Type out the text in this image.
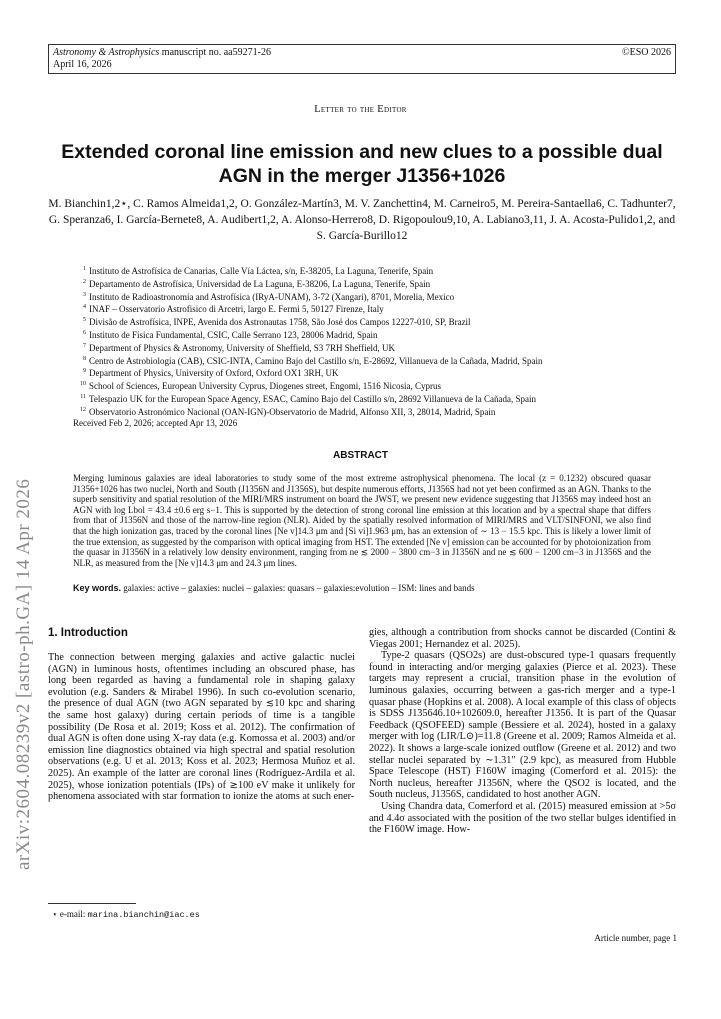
Astronomy & Astrophysics manuscript no. aa59271-26
April 16, 2026
©ESO 2026
Letter to the Editor
Extended coronal line emission and new clues to a possible dual AGN in the merger J1356+1026
M. Bianchin1,2⋆, C. Ramos Almeida1,2, O. González-Martín3, M. V. Zanchettin4, M. Carneiro5, M. Pereira-Santaella6, C. Tadhunter7, G. Speranza6, I. García-Bernete8, A. Audibert1,2, A. Alonso-Herrero8, D. Rigopoulou9,10, A. Labiano3,11, J. A. Acosta-Pulido1,2, and S. García-Burillo12
$^1$ Instituto de Astrofísica de Canarias, Calle Vía Láctea, s/n, E-38205, La Laguna, Tenerife, Spain
$^2$ Departamento de Astrofísica, Universidad de La Laguna, E-38206, La Laguna, Tenerife, Spain
$^3$ Instituto de Radioastronomía and Astrofísica (IRyA-UNAM), 3-72 (Xangari), 8701, Morelia, Mexico
$^4$ INAF – Osservatorio Astrofisico di Arcetri, largo E. Fermi 5, 50127 Firenze, Italy
$^5$ Divisão de Astrofísica, INPE, Avenida dos Astronautas 1758, São José dos Campos 12227-010, SP, Brazil
$^6$ Instituto de Física Fundamental, CSIC, Calle Serrano 123, 28006 Madrid, Spain
$^7$ Department of Physics & Astronomy, University of Sheffield, S3 7RH Sheffield, UK
$^8$ Centro de Astrobiología (CAB), CSIC-INTA, Camino Bajo del Castillo s/n, E-28692, Villanueva de la Cañada, Madrid, Spain
$^9$ Department of Physics, University of Oxford, Oxford OX1 3RH, UK
$^{10}$ School of Sciences, European University Cyprus, Diogenes street, Engomi, 1516 Nicosia, Cyprus
$^{11}$ Telespazio UK for the European Space Agency, ESAC, Camino Bajo del Castillo s/n, 28692 Villanueva de la Cañada, Spain
$^{12}$ Observatorio Astronómico Nacional (OAN-IGN)-Observatorio de Madrid, Alfonso XII, 3, 28014, Madrid, Spain
Received Feb 2, 2026; accepted Apr 13, 2026
ABSTRACT
Merging luminous galaxies are ideal laboratories to study some of the most extreme astrophysical phenomena. The local (z = 0.1232) obscured quasar J1356+1026 has two nuclei, North and South (J1356N and J1356S), but despite numerous efforts, J1356S had not yet been confirmed as an AGN. Thanks to the superb sensitivity and spatial resolution of the MIRI/MRS instrument on board the JWST, we present new evidence suggesting that J1356S may indeed host an AGN with log Lbol = 43.4 ±0.6 erg s−1. This is supported by the detection of strong coronal line emission at this location and by a spectral shape that differs from that of J1356N and those of the narrow-line region (NLR). Aided by the spatially resolved information of MIRI/MRS and VLT/SINFONI, we also find that the high ionization gas, traced by the coronal lines [Ne v]14.3 μm and [Si vi]1.963 μm, has an extension of ∼ 13 − 15.5 kpc. This is likely a lower limit of the true extension, as suggested by the comparison with optical imaging from HST. The extended [Ne v] emission can be accounted for by photoionization from the quasar in J1356N in a relatively low density environment, ranging from ne ≲ 2000 − 3800 cm−3 in J1356N and ne ≲ 600 − 1200 cm−3 in J1356S and the NLR, as measured from the [Ne v]14.3 μm and 24.3 μm lines.
Key words. galaxies: active – galaxies: nuclei – galaxies: quasars – galaxies:evolution – ISM: lines and bands
1. Introduction

The connection between merging galaxies and active galactic nuclei (AGN) in luminous hosts, oftentimes including an obscured phase, has long been regarded as having a fundamental role in shaping galaxy evolution (e.g. Sanders & Mirabel 1996). In such co-evolution scenario, the presence of dual AGN (two AGN separated by ≲10 kpc and sharing the same host galaxy) during certain periods of time is a tangible possibility (De Rosa et al. 2019; Koss et al. 2012). The confirmation of dual AGN is often done using X-ray data (e.g. Komossa et al. 2003) and/or emission line diagnostics obtained via high spectral and spatial resolution observations (e.g. U et al. 2013; Koss et al. 2023; Hermosa Muñoz et al. 2025). An example of the latter are coronal lines (Rodríguez-Ardila et al. 2025), whose ionization potentials (IPs) of ≳100 eV make it unlikely for phenomena associated with star formation to ionize the atoms at such ener-

gies, although a contribution from shocks cannot be discarded (Contini & Viegas 2001; Hernandez et al. 2025).

Type-2 quasars (QSO2s) are dust-obscured type-1 quasars frequently found in interacting and/or merging galaxies (Pierce et al. 2023). These targets may represent a crucial, transition phase in the evolution of luminous galaxies, occurring between a gas-rich merger and a type-1 quasar phase (Hopkins et al. 2008). A local example of this class of objects is SDSS J135646.10+102609.0, hereafter J1356. It is part of the Quasar Feedback (QSOFEED) sample (Bessiere et al. 2024), hosted in a galaxy merger with log (LIR/L⊙)=11.8 (Greene et al. 2009; Ramos Almeida et al. 2022). It shows a large-scale ionized outflow (Greene et al. 2012) and two stellar nuclei separated by ∼1.31″ (2.9 kpc), as measured from Hubble Space Telescope (HST) F160W imaging (Comerford et al. 2015): the North nucleus, hereafter J1356N, where the QSO2 is located, and the South nucleus, J1356S, candidated to host another AGN.

Using Chandra data, Comerford et al. (2015) measured emission at >5σ and 4.4σ associated with the position of the two stellar bulges identified in the F160W image. How-

⋆ e-mail: marina.bianchin@iac.es
Article number, page 1
arXiv:2604.08239v2 [astro-ph.GA] 14 Apr 2026
